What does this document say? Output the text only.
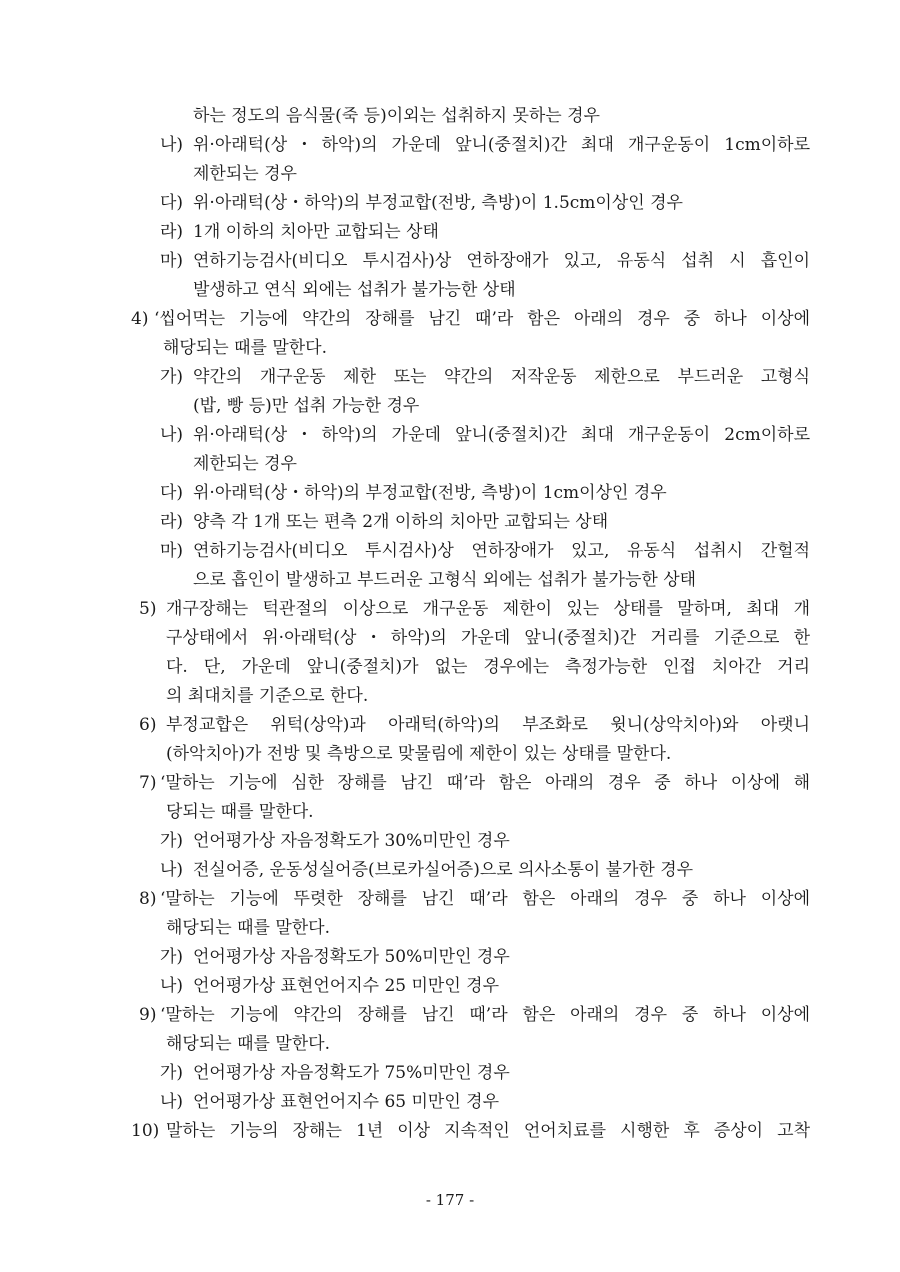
하는 정도의 음식물(죽 등)이외는 섭취하지 못하는 경우

나) 위·아래턱(상・하악)의 가운데 앞니(중절치)간 최대 개구운동이 1cm이하로

제한되는 경우

다) 위·아래턱(상・하악)의 부정교합(전방, 측방)이 1.5cm이상인 경우

라) 1개 이하의 치아만 교합되는 상태

마) 연하기능검사(비디오 투시검사)상 연하장애가 있고, 유동식 섭취 시 흡인이

발생하고 연식 외에는 섭취가 불가능한 상태

4) ‘씹어먹는 기능에 약간의 장해를 남긴 때’라 함은 아래의 경우 중 하나 이상에

해당되는 때를 말한다.

가) 약간의 개구운동 제한 또는 약간의 저작운동 제한으로 부드러운 고형식

(밥, 빵 등)만 섭취 가능한 경우

나) 위·아래턱(상・하악)의 가운데 앞니(중절치)간 최대 개구운동이 2cm이하로

제한되는 경우

다) 위·아래턱(상・하악)의 부정교합(전방, 측방)이 1cm이상인 경우

라) 양측 각 1개 또는 편측 2개 이하의 치아만 교합되는 상태

마) 연하기능검사(비디오 투시검사)상 연하장애가 있고, 유동식 섭취시 간헐적

으로 흡인이 발생하고 부드러운 고형식 외에는 섭취가 불가능한 상태

5) 개구장해는 턱관절의 이상으로 개구운동 제한이 있는 상태를 말하며, 최대 개

구상태에서 위·아래턱(상・하악)의 가운데 앞니(중절치)간 거리를 기준으로 한

다. 단, 가운데 앞니(중절치)가 없는 경우에는 측정가능한 인접 치아간 거리

의 최대치를 기준으로 한다.

6) 부정교합은 위턱(상악)과 아래턱(하악)의 부조화로 윗니(상악치아)와 아랫니

(하악치아)가 전방 및 측방으로 맞물림에 제한이 있는 상태를 말한다.

7) ‘말하는 기능에 심한 장해를 남긴 때’라 함은 아래의 경우 중 하나 이상에 해

당되는 때를 말한다.

가) 언어평가상 자음정확도가 30%미만인 경우

나) 전실어증, 운동성실어증(브로카실어증)으로 의사소통이 불가한 경우

8) ‘말하는 기능에 뚜렷한 장해를 남긴 때’라 함은 아래의 경우 중 하나 이상에

해당되는 때를 말한다.

가) 언어평가상 자음정확도가 50%미만인 경우

나) 언어평가상 표현언어지수 25 미만인 경우

9) ‘말하는 기능에 약간의 장해를 남긴 때’라 함은 아래의 경우 중 하나 이상에

해당되는 때를 말한다.

가) 언어평가상 자음정확도가 75%미만인 경우

나) 언어평가상 표현언어지수 65 미만인 경우

10) 말하는 기능의 장해는 1년 이상 지속적인 언어치료를 시행한 후 증상이 고착

- 177 -
